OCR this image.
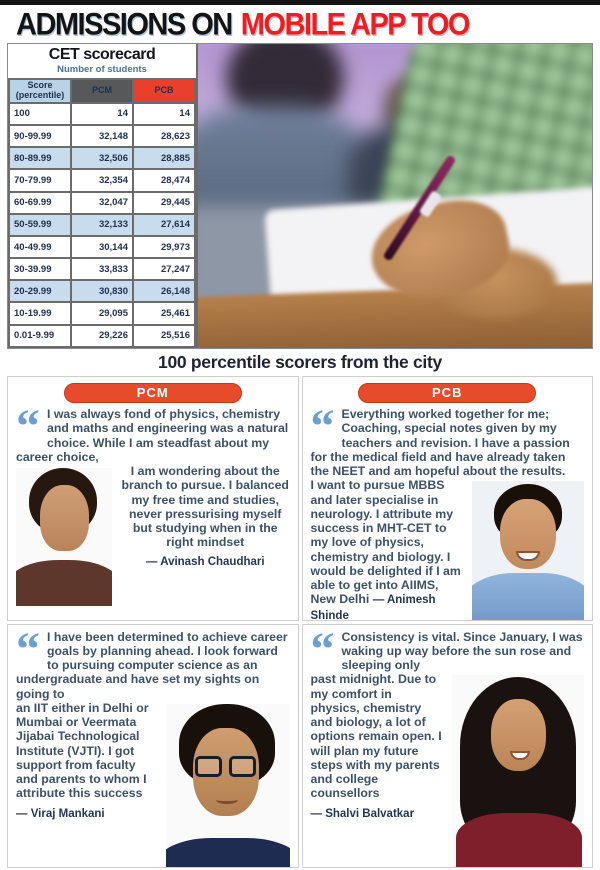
ADMISSIONS ON MOBILE APP TOO
CET scorecard
Number of students
Score (percentile)	PCM	PCB
100	14	14
90-99.99	32,148	28,623
80-89.99	32,506	28,885
70-79.99	32,354	28,474
60-69.99	32,047	29,445
50-59.99	32,133	27,614
40-49.99	30,144	29,973
30-39.99	33,833	27,247
20-29.99	30,830	26,148
10-19.99	29,095	25,461
0.01-9.99	29,226	25,516
100 percentile scorers from the city
PCM
“ I was always fond of physics, chemistry and maths and engineering was a natural choice. While I am steadfast about my career choice,
I am wondering about the branch to pursue. I balanced my free time and studies, never pressurising myself but studying when in the right mindset
— Avinash Chaudhari
PCB
“ Everything worked together for me; Coaching, special notes given by my teachers and revision. I have a passion for the medical field and have already taken the NEET and am hopeful about the results.
I want to pursue MBBS and later specialise in neurology. I attribute my success in MHT-CET to my love of physics, chemistry and biology. I would be delighted if I am able to get into AIIMS, New Delhi — Animesh Shinde
“ I have been determined to achieve career goals by planning ahead. I look forward to pursuing computer science as an undergraduate and have set my sights on going to
an IIT either in Delhi or Mumbai or Veermata Jijabai Technological Institute (VJTI). I got support from faculty and parents to whom I attribute this success
— Viraj Mankani
“ Consistency is vital. Since January, I was waking up way before the sun rose and sleeping only
past midnight. Due to my comfort in physics, chemistry and biology, a lot of options remain open. I will plan my future steps with my parents and college counsellors
— Shalvi Balvatkar
